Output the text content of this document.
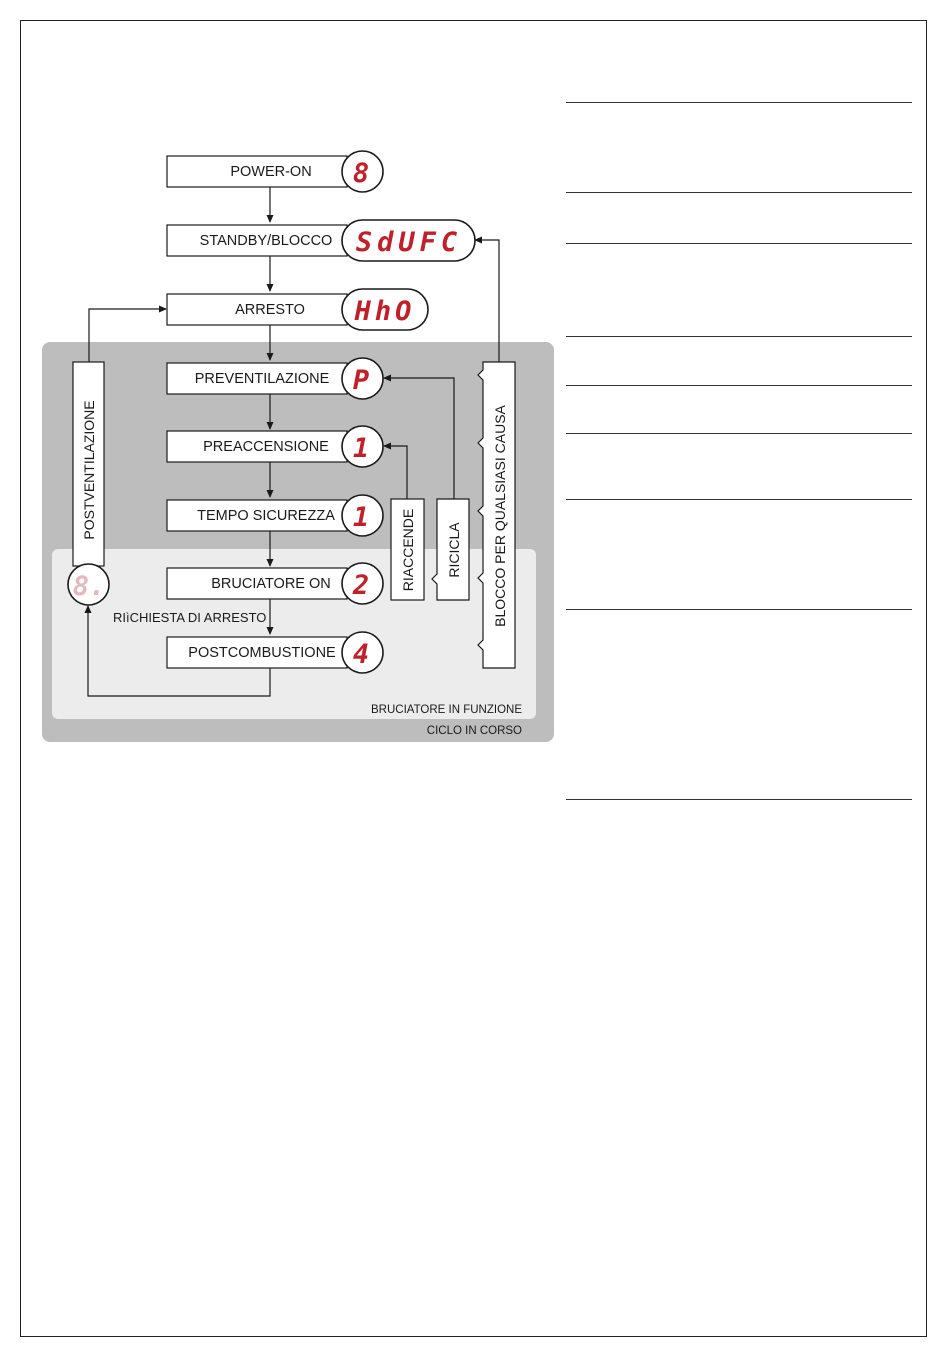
BRUCIATORE IN FUNZIONE
CICLO IN CORSO
POWER-ON 8
STANDBY/BLOCCO SdUFC
ARRESTO HhO
PREVENTILAZIONE P
PREACCENSIONE 1
TEMPO SICUREZZA 1
BRUCIATORE ON 2
RIìCHIESTA DI ARRESTO
POSTCOMBUSTIONE 4
POSTVENTILAZIONE
8.	RIACCENDE RICICLA BLOCCO PER QUALSIASI CAUSA
